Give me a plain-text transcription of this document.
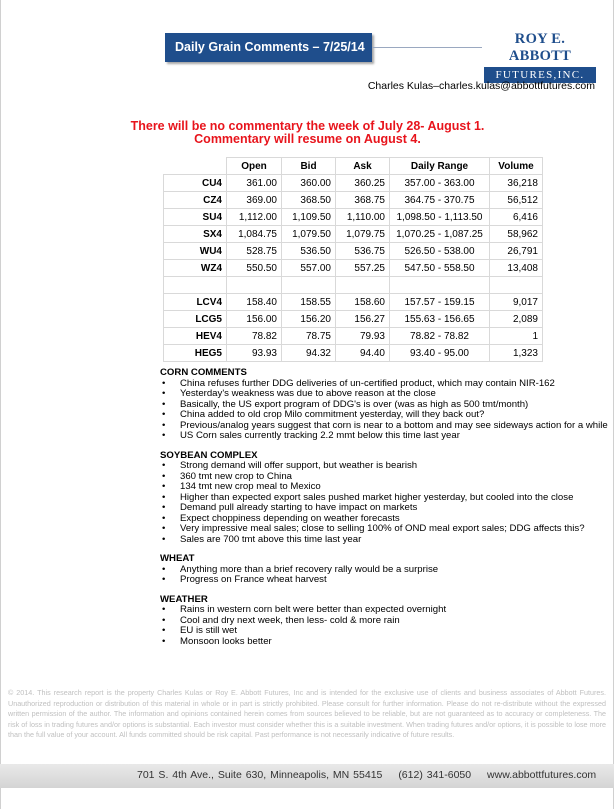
Daily Grain Comments – 7/25/14	ROY E. ABBOTT
FUTURES,INC.
Charles Kulas–charles.kulas@abbottfutures.com
There will be no commentary the week of July 28- August 1.
Commentary will resume on August 4.
	Open	Bid	Ask	Daily Range	Volume
CU4	361.00	360.00	360.25	357.00 - 363.00	36,218
CZ4	369.00	368.50	368.75	364.75 - 370.75	56,512
SU4	1,112.00	1,109.50	1,110.00	1,098.50 - 1,113.50	6,416
SX4	1,084.75	1,079.50	1,079.75	1,070.25 - 1,087.25	58,962
WU4	528.75	536.50	536.75	526.50 - 538.00	26,791
WZ4	550.50	557.00	557.25	547.50 - 558.50	13,408

LCV4	158.40	158.55	158.60	157.57 - 159.15	9,017
LCG5	156.00	156.20	156.27	155.63 - 156.65	2,089
HEV4	78.82	78.75	79.93	78.82 - 78.82	1
HEG5	93.93	94.32	94.40	93.40 - 95.00	1,323
CORN COMMENTS
• China refuses further DDG deliveries of un-certified product, which may contain NIR-162
• Yesterday's weakness was due to above reason at the close
• Basically, the US export program of DDG's is over (was as high as 500 tmt/month)
• China added to old crop Milo commitment yesterday, will they back out?
• Previous/analog years suggest that corn is near to a bottom and may see sideways action for a while
• US Corn sales currently tracking 2.2 mmt below this time last year
SOYBEAN COMPLEX
• Strong demand will offer support, but weather is bearish
• 360 tmt new crop to China
• 134 tmt new crop meal to Mexico
• Higher than expected export sales pushed market higher yesterday, but cooled into the close
• Demand pull already starting to have impact on markets
• Expect choppiness depending on weather forecasts
• Very impressive meal sales; close to selling 100% of OND meal export sales; DDG affects this?
• Sales are 700 tmt above this time last year
WHEAT
• Anything more than a brief recovery rally would be a surprise
• Progress on France wheat harvest
WEATHER
• Rains in western corn belt were better than expected overnight
• Cool and dry next week, then less- cold & more rain
• EU is still wet
• Monsoon looks better
© 2014. This research report is the property Charles Kulas or Roy E. Abbott Futures, Inc and is intended for the exclusive use of clients and business associates of Abbott Futures. Unauthorized reproduction or distribution of this material in whole or in part is strictly prohibited. Please consult for further information. Please do not re-distribute without the expressed written permission of the author. The information and opinions contained herein comes from sources believed to be reliable, but are not guaranteed as to accuracy or completeness. The risk of loss in trading futures and/or options is substantial. Each investor must consider whether this is a suitable investment. When trading futures and/or options, it is possible to lose more than the full value of your account. All funds committed should be risk capital. Past performance is not necessarily indicative of future results.
701 S. 4th Ave., Suite 630, Minneapolis, MN 55415 (612) 341-6050 www.abbottfutures.com
